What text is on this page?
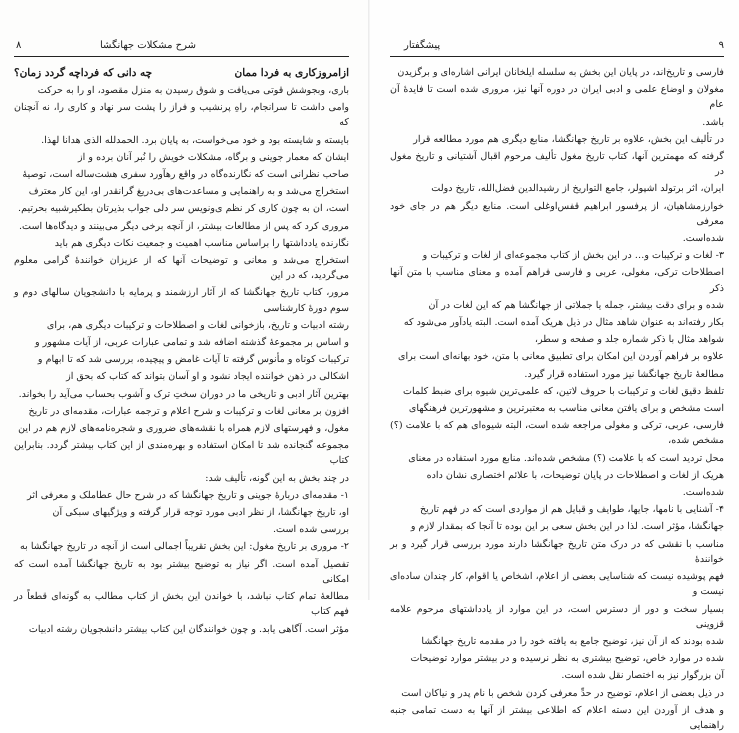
۸	شرح مشکلات جهانگشا
ازامروزکاری به فردا ممان
چه دانی که فرداچه گردد زمان؟

باری، وبجوشش قوتی می‌یافت و شوق رسیدن به منزل مقصود، او را به حرکت

وامی داشت تا سرانجام، راهِ پرنشیب و فراز را پشت سر نهاد و کاری را، نه آنچنان که

بایسته و شایسته بود و خود می‌خواست، به پایان برد. الحمدلله الذی هدانا لهذا.

ایشان که معمار جوینی و برگاه، مشکلات خویش را نُبر آنان برده و از

صاحب نظرانی است که نگارنده‌گاه در واقع رهآورد سفری هشت‌ساله است، توصیهٔ

استخراج می‌شد و به راهنمایی و مساعدت‌های بی‌دریغ گرانقدر او، این کار معترف

است، ان به چون کاری کر نظم ی‌ونویس سر دلی جواب بذیرتان بطکیرشبیه بحرتیم.

مروری کرد که پس از مطالعات بیشتر، از آنچه برخی دیگر می‌بینند و دیدگاه‌ها است.

نگارنده یادداشتها را براساس مناسب اهمیت و جمعیت نکات دیگری هم باید

استخراج می‌شد و معانی و توضیحات آنها که از عزیزان خوانندهٔ گرامی معلوم می‌گردید، که در این

مرور، کتاب تاریخ جهانگشا که از آثار ارزشمند و پرمایه با دانشجویان سالهای دوم و سوم دورهٔ کارشناسی

رشته ادبیات و تاریخ، بازخوانی لغات و اصطلاحات و ترکیبات دیگری هم، برای

و اساس بر مجموعهٔ گذشته اضافه شد و تمامی عبارات عربی، از آیات مشهور و

ترکیبات کوتاه و مأنوس گرفته تا آیات غامض و پیچیده، بررسی شد که تا ابهام و

اشکالی در ذهن خواننده ایجاد نشود و او آسان بتواند که کتاب که بحق از

بهترین آثار ادبی و تاریخی ما در دوران سختِ ترک و آشوب بحساب می‌آید را بخواند.

افزون بر معانی لغات و ترکیبات و شرح اعلام و ترجمه عبارات، مقدمه‌ای در تاریخ

مغول، و فهرستهای لازم همراه با نقشه‌های ضروری و شجره‌نامه‌های لازم هم در این

مجموعه گنجانده شد تا امکان استفاده و بهره‌مندی از این کتاب بیشتر گردد. بنابراین کتاب

در چند بخش به این گونه، تألیف شد:

۱- مقدمه‌ای دربارهٔ جوینی و تاریخ جهانگشا که در شرح حال عطاملک و معرفی اثر

او، تاریخ جهانگشا، از نظر ادبی مورد توجه قرار گرفته و ویژگیهای سبکی آن

بررسی شده است.

۲- مروری بر تاریخ مغول: این بخش تقریباً اجمالی است از آنچه در تاریخ جهانگشا به

تفصیل آمده است. اگر نیاز به توضیح بیشتر بود به تاریخ جهانگشا آمده است که امکانی

مطالعهٔ تمام کتاب نباشد، با خواندن این بخش از کتاب مطالب به گونه‌ای قطعاً در فهم کتاب

مؤثر است. آگاهی یابد. و چون خوانندگان این کتاب بیشتر دانشجویان رشته ادبیات

۹
پیشگفتار

فارسی و تاریخ‌اند، در پایان این بخش به سلسله ایلخانان ایرانی اشاره‌ای و برگزیدن

مغولان و اوضاع علمی و ادبی ایران در دوره آنها نیز، مروری شده است تا فایدهٔ آن عام

باشد.

در تألیف این بخش، علاوه بر تاریخ جهانگشا، منابع دیگری هم مورد مطالعه قرار

گرفته که مهمترین آنها، کتاب تاریخ مغول تألیف مرحوم اقبال آشتیانی و تاریخ مغول در

ایران، اثر برتولد اشپولر، جامع التواریخ از رشیدالدین فضل‌الله، تاریخ دولت

خوارزمشاهیان، از پرفسور ابراهیم قفس‌اوغلی است. منابع دیگر هم در جای خود معرفی

شده‌است.

۳- لغات و ترکیبات و… در این بخش از کتاب مجموعه‌ای از لغات و ترکیبات و

اصطلاحات ترکی، مغولی، عربی و فارسی فراهم آمده و معنای مناسب با متن آنها ذکر

شده و برای دقت بیشتر، جمله یا جملاتی از جهانگشا هم که این لغات در آن

بکار رفته‌اند به عنوان شاهد مثال در ذیل هریک آمده است. البته یادآور می‌شود که

شواهد مثال با ذکر شماره جلد و صفحه و سطر،

علاوه بر فراهم آوردن این امکان برای تطبیق معانی با متن، خود بهانه‌ای است برای

مطالعهٔ تاریخ جهانگشا نیز مورد استفاده قرار گیرد.

تلفظ دقیق لغات و ترکیبات با حروف لاتین، که علمی‌ترین شیوه برای ضبط کلمات

است مشخص و برای یافتن معانی مناسب به معتبرترین و مشهورترین فرهنگهای

فارسی، عربی، ترکی و مغولی مراجعه شده است، البته شیوه‌ای هم که با علامت (؟) مشخص شده،

محل تردید است که با علامت (؟) مشخص شده‌اند. منابع مورد استفاده در معنای

هریک از لغات و اصطلاحات در پایان توضیحات، با علائم اختصاری نشان داده

شده‌است.

۴- آشنایی با نامها، جایها، طوایف و قبایل هم از مواردی است که در فهم تاریخ

جهانگشا، مؤثر است. لذا در این بخش سعی بر این بوده تا آنجا که بمقدار لازم و

مناسب با نقشی که در درک متن تاریخ جهانگشا دارند مورد بررسی قرار گیرد و بر خوانندهٔ

فهم پوشیده نیست که شناسایی بعضی از اعلام، اشخاص یا اقوام، کار چندان ساده‌ای نیست و

بسیار سخت و دور از دسترس است، در این موارد از یادداشتهای مرحوم علامه قزوینی

شده بودند که از آن نیز، توضیح جامع به یافته خود را در مقدمه تاریخ جهانگشا

شده در موارد خاص، توضیح بیشتری به نظر نرسیده و در بیشتر موارد توضیحات

آن بزرگوار نیز به اختصار نقل شده است.

در ذیل بعضی از اعلام، توضیح در حدِّ معرفی کردن شخص با نام پدر و نیاکان است

و هدف از آوردن این دسته اعلام که اطلاعی بیشتر از آنها به دست تمامی جنبه راهنمایی
